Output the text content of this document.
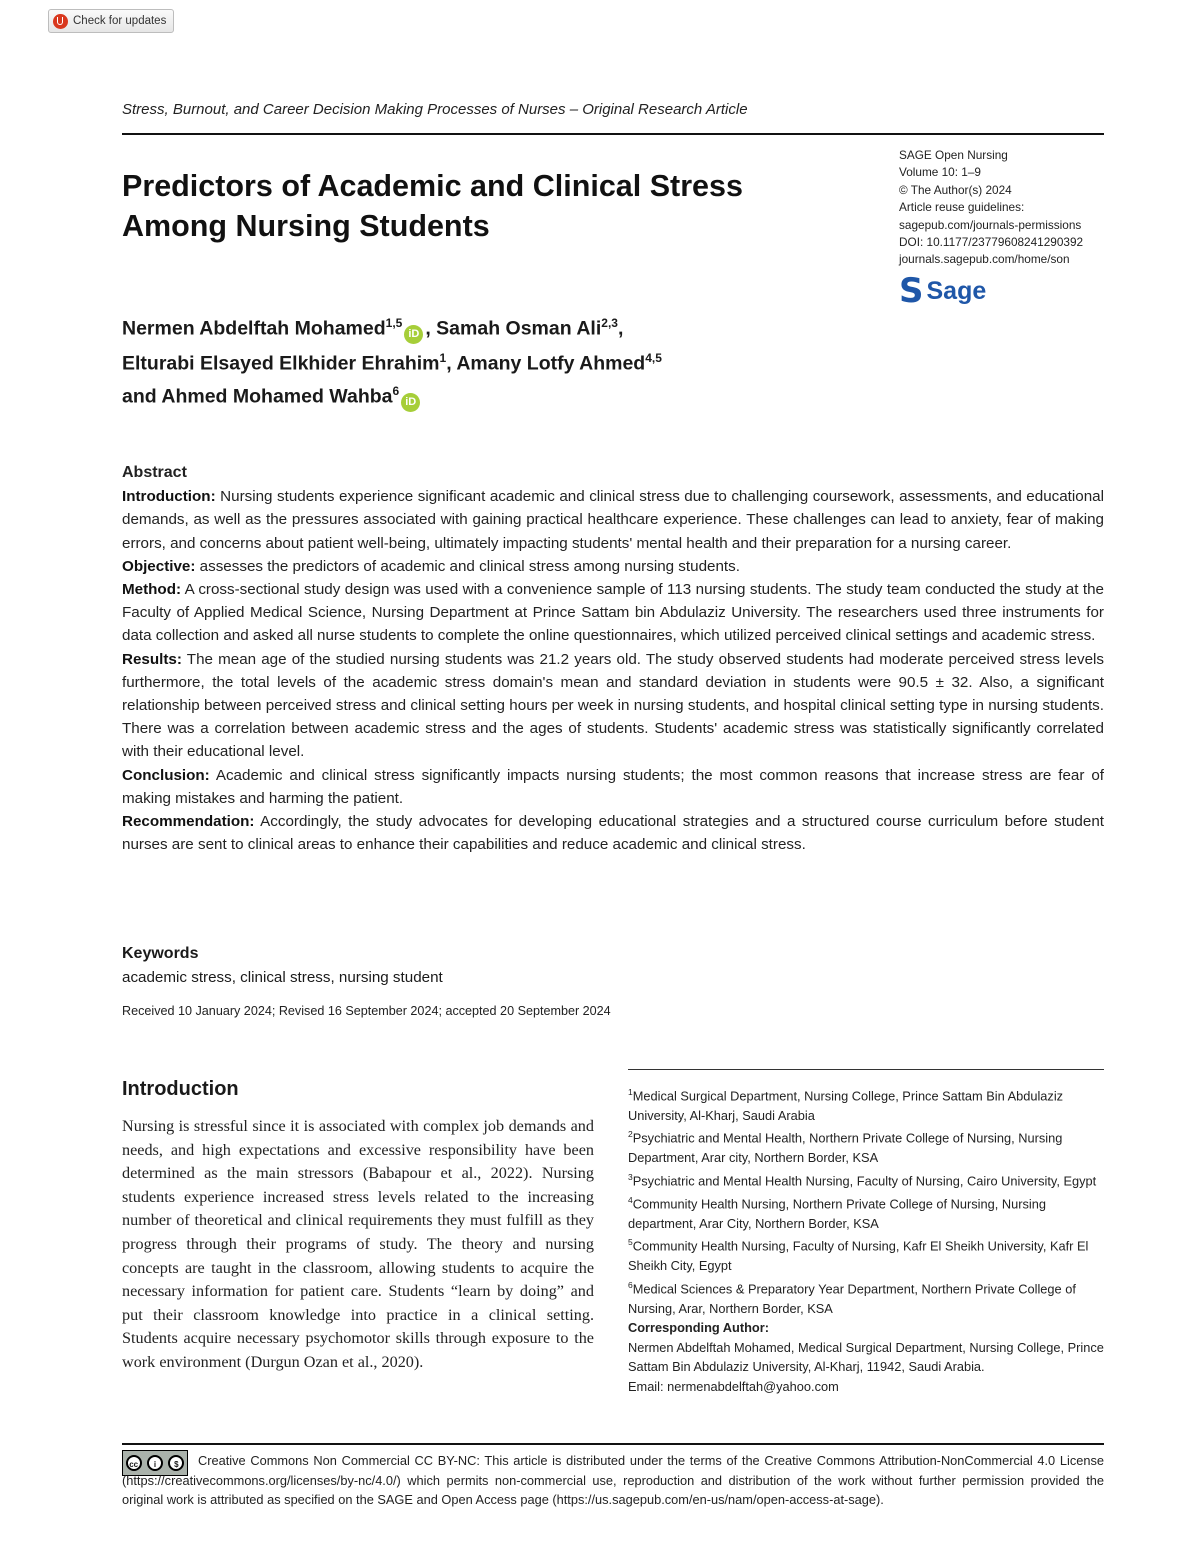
Check for updates
Stress, Burnout, and Career Decision Making Processes of Nurses – Original Research Article
Predictors of Academic and Clinical Stress Among Nursing Students
SAGE Open Nursing
Volume 10: 1–9
© The Author(s) 2024
Article reuse guidelines:
sagepub.com/journals-permissions
DOI: 10.1177/23779608241290392
journals.sagepub.com/home/son
S Sage
Nermen Abdelftah Mohamed$^{1,5}$iD , Samah Osman Ali$^{2,3}$,
Elturabi Elsayed Elkhider Ehrahim$^1$, Amany Lotfy Ahmed$^{4,5}$
and Ahmed Mohamed Wahba$^6$iD
Abstract

Introduction: Nursing students experience significant academic and clinical stress due to challenging coursework, assessments, and educational demands, as well as the pressures associated with gaining practical healthcare experience. These challenges can lead to anxiety, fear of making errors, and concerns about patient well-being, ultimately impacting students' mental health and their preparation for a nursing career.

Objective: assesses the predictors of academic and clinical stress among nursing students.

Method: A cross-sectional study design was used with a convenience sample of 113 nursing students. The study team conducted the study at the Faculty of Applied Medical Science, Nursing Department at Prince Sattam bin Abdulaziz University. The researchers used three instruments for data collection and asked all nurse students to complete the online questionnaires, which utilized perceived clinical settings and academic stress.

Results: The mean age of the studied nursing students was 21.2 years old. The study observed students had moderate perceived stress levels furthermore, the total levels of the academic stress domain's mean and standard deviation in students were 90.5 ± 32. Also, a significant relationship between perceived stress and clinical setting hours per week in nursing students, and hospital clinical setting type in nursing students. There was a correlation between academic stress and the ages of students. Students' academic stress was statistically significantly correlated with their educational level.

Conclusion: Academic and clinical stress significantly impacts nursing students; the most common reasons that increase stress are fear of making mistakes and harming the patient.

Recommendation: Accordingly, the study advocates for developing educational strategies and a structured course curriculum before student nurses are sent to clinical areas to enhance their capabilities and reduce academic and clinical stress.

Keywords
academic stress, clinical stress, nursing student
Received 10 January 2024; Revised 16 September 2024; accepted 20 September 2024
Introduction
Nursing is stressful since it is associated with complex job demands and needs, and high expectations and excessive responsibility have been determined as the main stressors (Babapour et al., 2022). Nursing students experience increased stress levels related to the increasing number of theoretical and clinical requirements they must fulfill as they progress through their programs of study. The theory and nursing concepts are taught in the classroom, allowing students to acquire the necessary information for patient care. Students “learn by doing” and put their classroom knowledge into practice in a clinical setting. Students acquire necessary psychomotor skills through exposure to the work environment (Durgun Ozan et al., 2020).
$^1$Medical Surgical Department, Nursing College, Prince Sattam Bin Abdulaziz University, Al-Kharj, Saudi Arabia
$^2$Psychiatric and Mental Health, Northern Private College of Nursing, Nursing Department, Arar city, Northern Border, KSA
$^3$Psychiatric and Mental Health Nursing, Faculty of Nursing, Cairo University, Egypt
$^4$Community Health Nursing, Northern Private College of Nursing, Nursing department, Arar City, Northern Border, KSA
$^5$Community Health Nursing, Faculty of Nursing, Kafr El Sheikh University, Kafr El Sheikh City, Egypt
$^6$Medical Sciences & Preparatory Year Department, Northern Private College of Nursing, Arar, Northern Border, KSA
Corresponding Author:
Nermen Abdelftah Mohamed, Medical Surgical Department, Nursing College, Prince Sattam Bin Abdulaziz University, Al-Kharj, 11942, Saudi Arabia.
Email: nermenabdelftah@yahoo.com
cc	i	$	Creative Commons Non Commercial CC BY-NC: This article is distributed under the terms of the Creative Commons Attribution-NonCommercial 4.0 License (https://creativecommons.org/licenses/by-nc/4.0/) which permits non-commercial use, reproduction and distribution of the work without further permission provided the original work is attributed as specified on the SAGE and Open Access page (https://us.sagepub.com/en-us/nam/open-access-at-sage).
